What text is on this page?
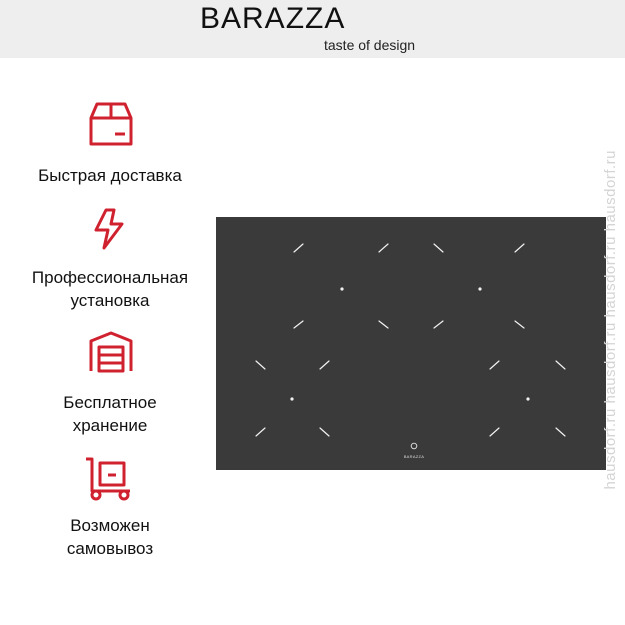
BARAZZA
taste of design
Быстрая доставка
Профессиональная
установка
Бесплатное
хранение
Возможен
самовывоз
BARAZZA	hausdorf.ru hausdorf.ru hausdorf.ru hausdorf.ru
